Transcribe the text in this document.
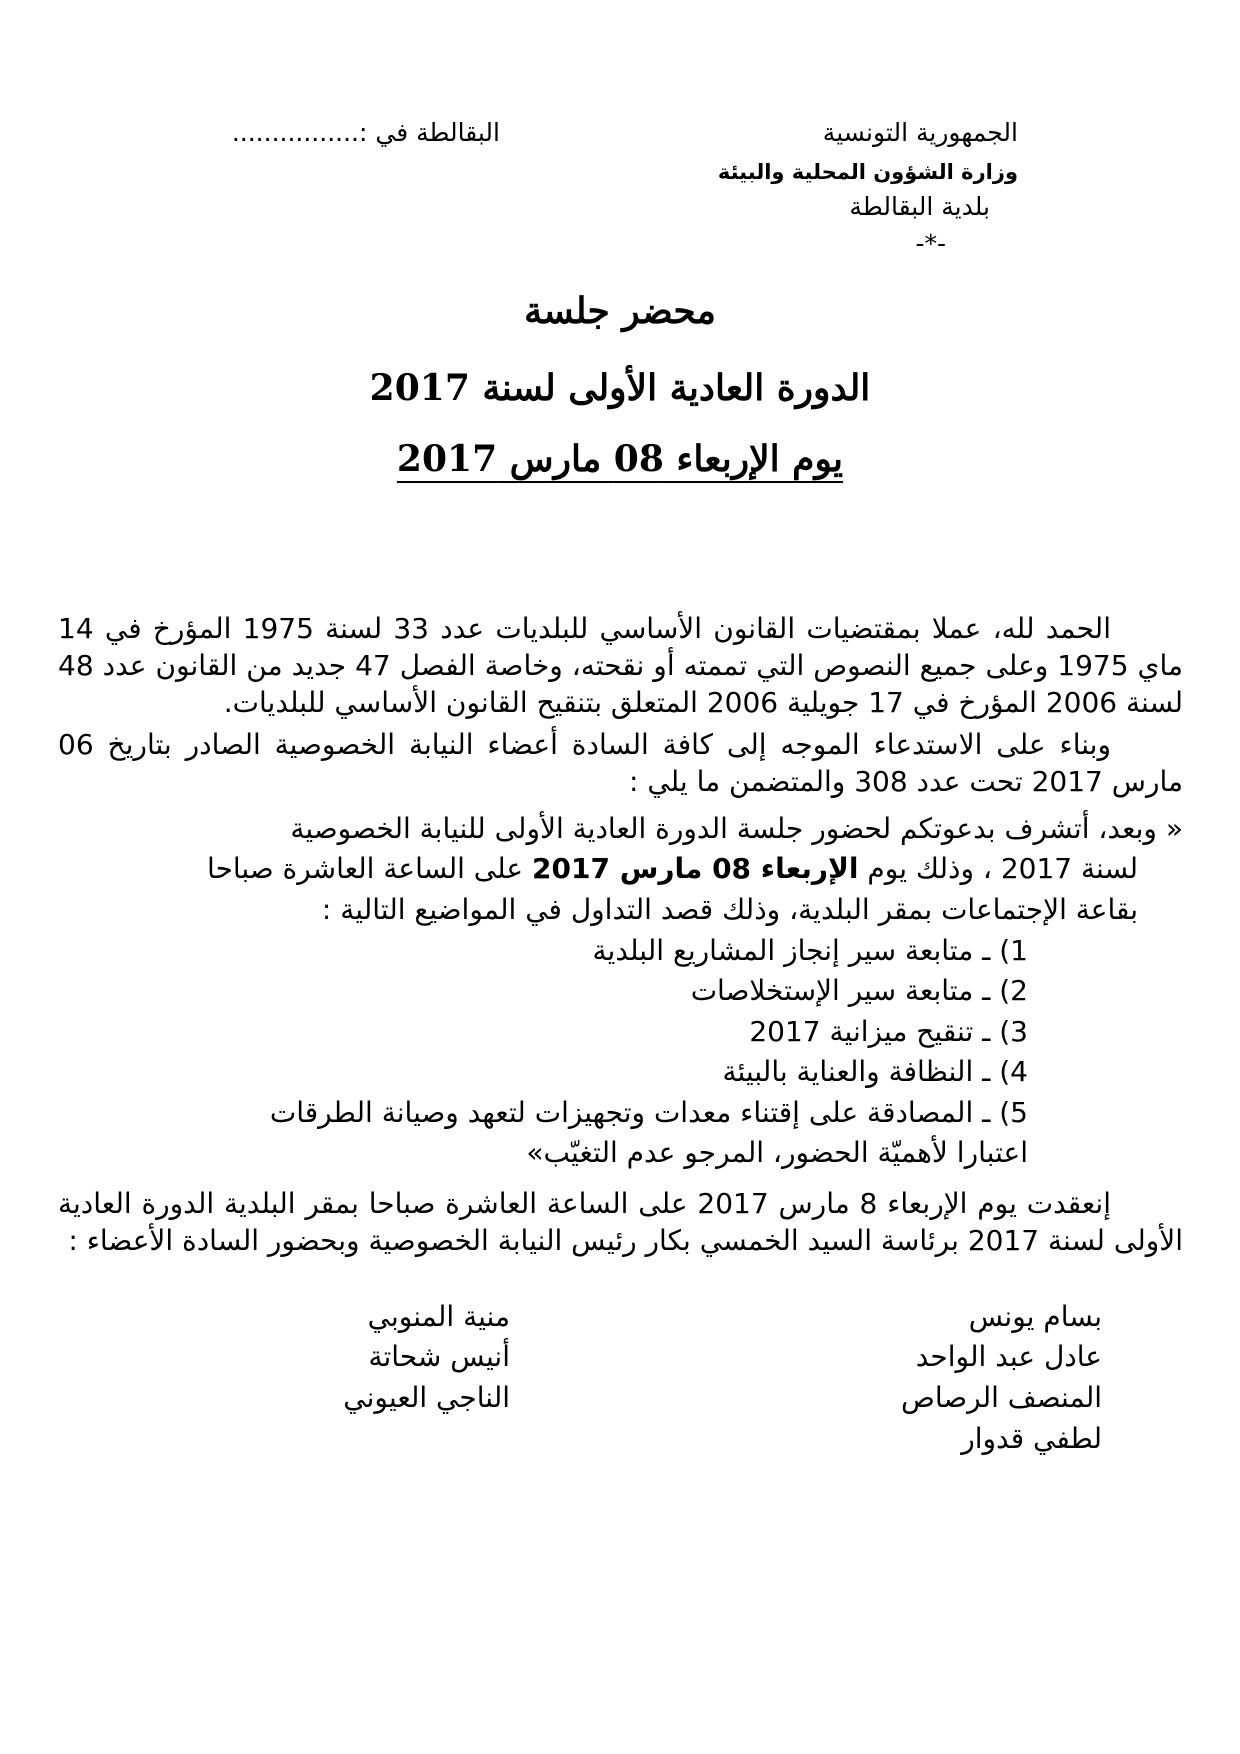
الجمهورية التونسية
وزارة الشؤون المحلية والبيئة
بلدية البقالطة
-*-
البقالطة في :................
محضر جلسة
الدورة العادية الأولى لسنة 2017
يوم الإربعاء 08 مارس 2017
الحمد لله، عملا بمقتضيات القانون الأساسي للبلديات عدد 33 لسنة 1975 المؤرخ في 14 ماي 1975 وعلى جميع النصوص التي تممته أو نقحته، وخاصة الفصل 47 جديد من القانون عدد 48 لسنة 2006 المؤرخ في 17 جويلية 2006 المتعلق بتنقيح القانون الأساسي للبلديات.
وبناء على الاستدعاء الموجه إلى كافة السادة أعضاء النيابة الخصوصية الصادر بتاريخ 06 مارس 2017 تحت عدد 308 والمتضمن ما يلي :
« وبعد، أتشرف بدعوتكم لحضور جلسة الدورة العادية الأولى للنيابة الخصوصية
لسنة 2017 ، وذلك يوم الإربعاء 08 مارس 2017 على الساعة العاشرة صباحا
بقاعة الإجتماعات بمقر البلدية، وذلك قصد التداول في المواضيع التالية :
1) ـ متابعة سير إنجاز المشاريع البلدية
2) ـ متابعة سير الإستخلاصات
3) ـ تنقيح ميزانية 2017
4) ـ النظافة والعناية بالبيئة
5) ـ المصادقة على إقتناء معدات وتجهيزات لتعهد وصيانة الطرقات
اعتبارا لأهميّة الحضور، المرجو عدم التغيّب»
إنعقدت يوم الإربعاء 8 مارس 2017 على الساعة العاشرة صباحا بمقر البلدية الدورة العادية الأولى لسنة 2017 برئاسة السيد الخمسي بكار رئيس النيابة الخصوصية وبحضور السادة الأعضاء :
بسام يونس
عادل عبد الواحد
المنصف الرصاص
لطفي قدوار
منية المنوبي
أنيس شحاتة
الناجي العيوني
